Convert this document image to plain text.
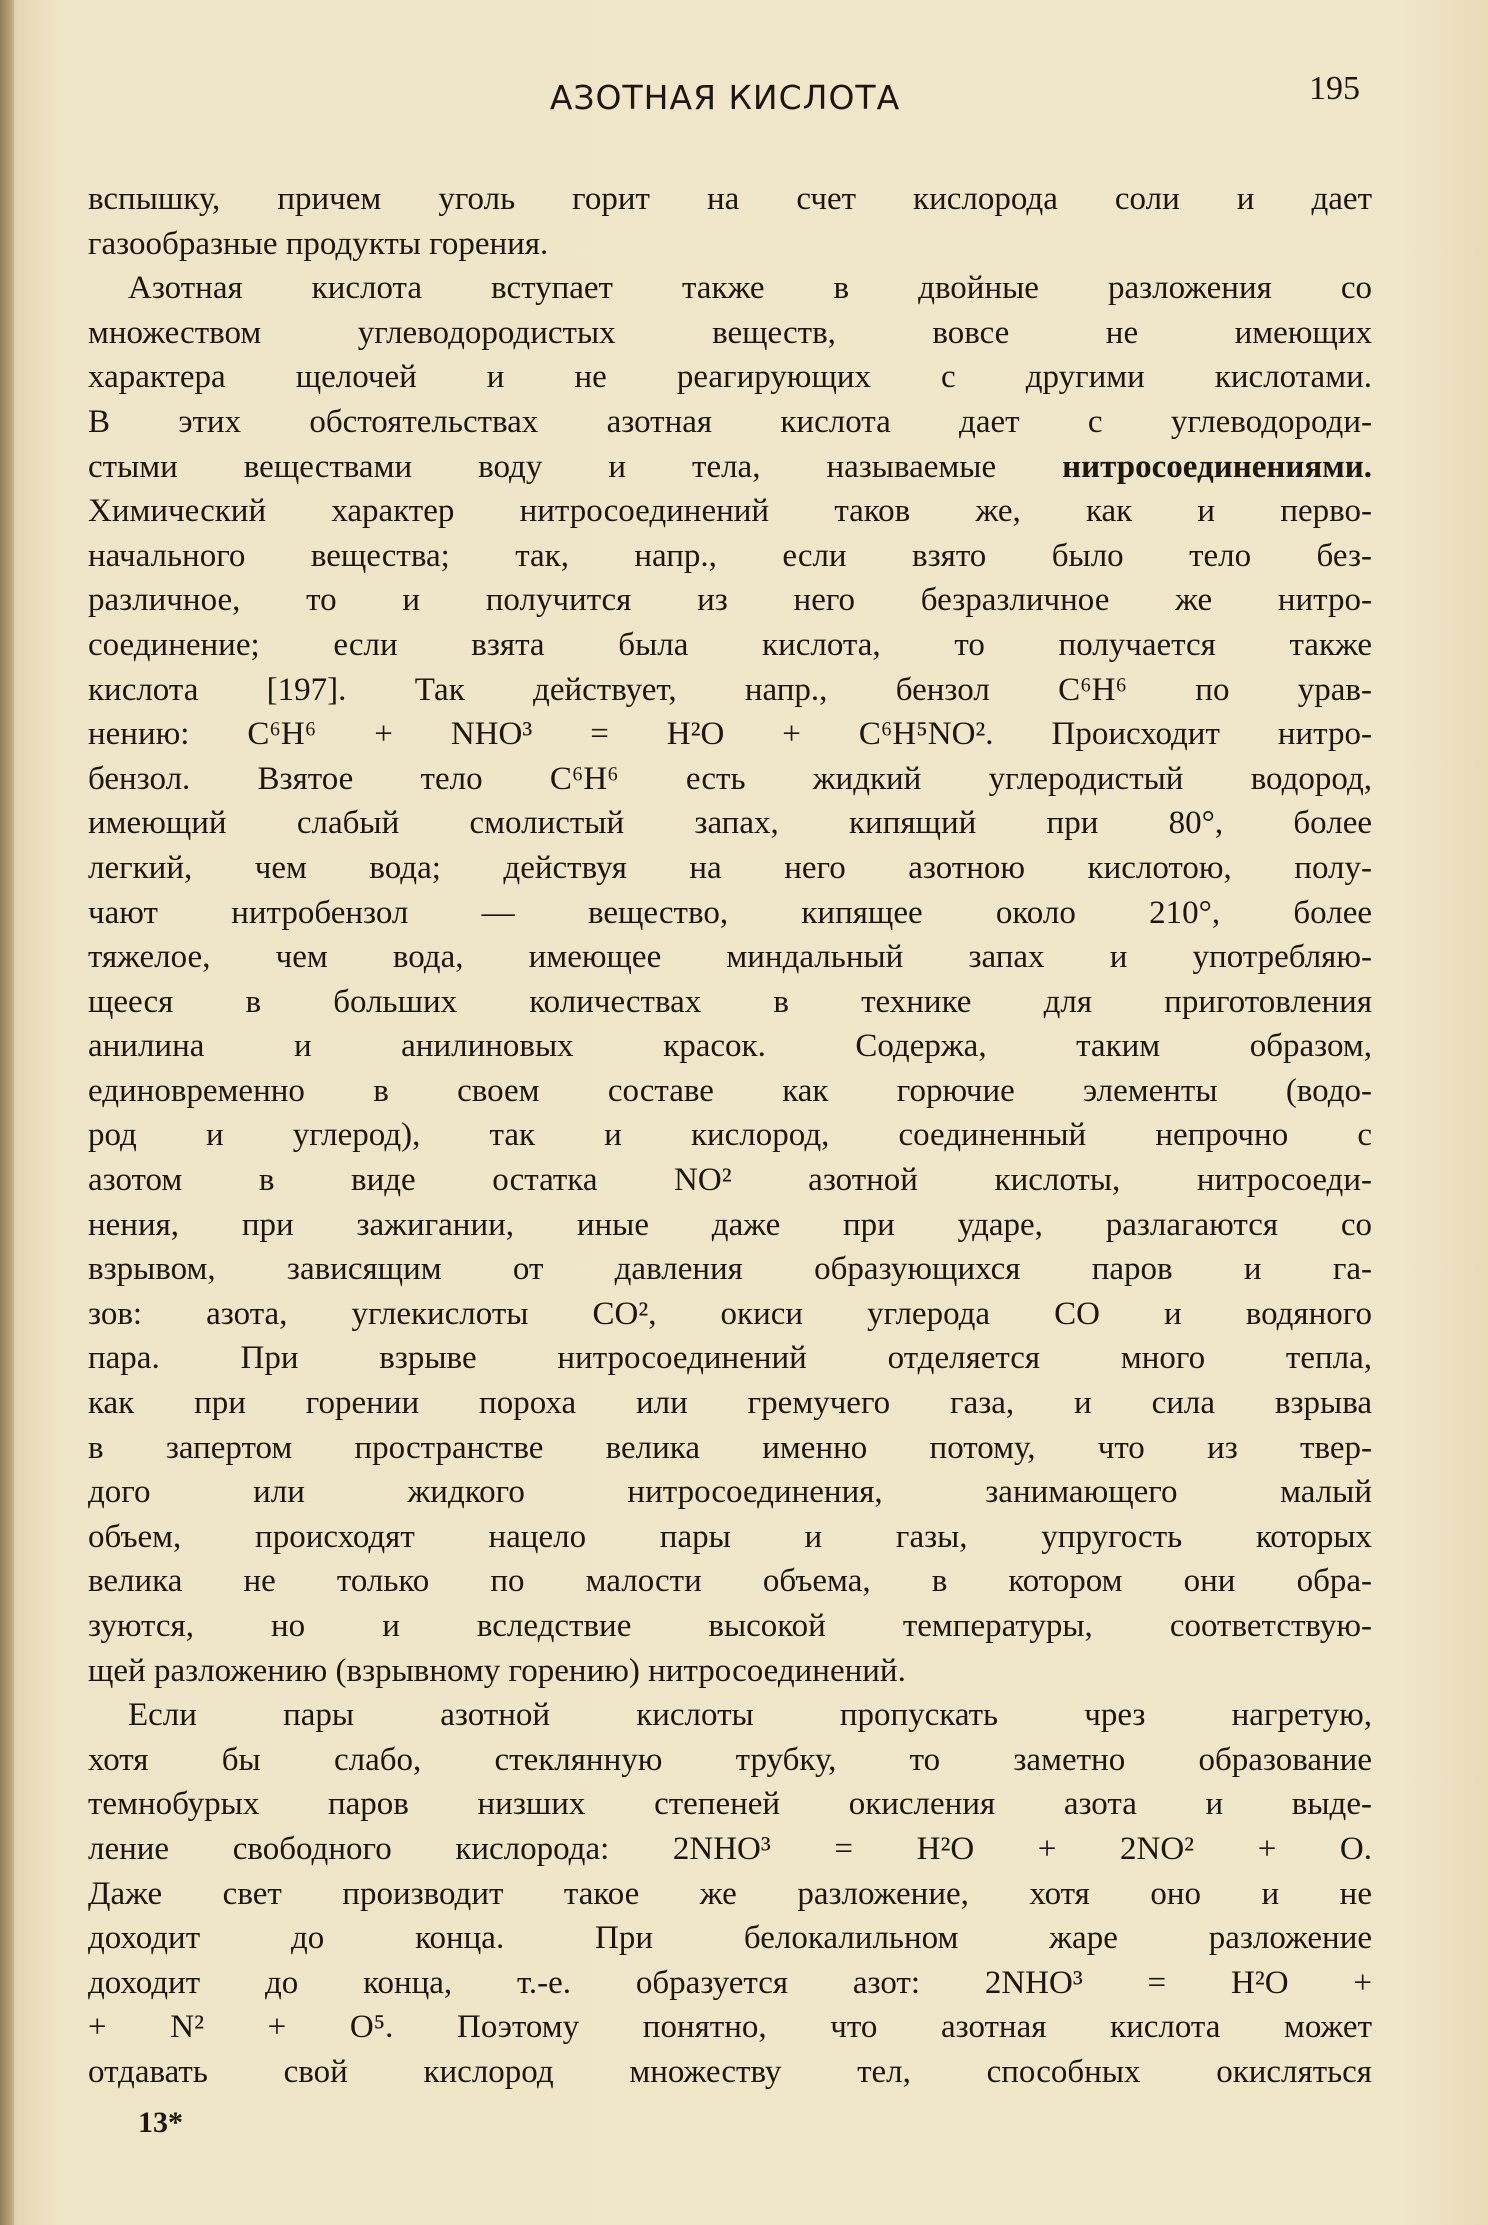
АЗОТНАЯ КИСЛОТА	195
вспышку, причем уголь горит на счет кислорода соли и дает
газообразные продукты горения.
Азотная кислота вступает также в двойные разложения со
множеством углеводородистых веществ, вовсе не имеющих
характера щелочей и не реагирующих с другими кислотами.
В этих обстоятельствах азотная кислота дает с углеводороди-
стыми веществами воду и тела, называемые нитросоединениями.
Химический характер нитросоединений таков же, как и перво-
начального вещества; так, напр., если взято было тело без-
различное, то и получится из него безразличное же нитро-
соединение; если взята была кислота, то получается также
кислота [197]. Так действует, напр., бензол C⁶H⁶ по урав-
нению: C⁶H⁶ + NHO³ = H²O + C⁶H⁵NO². Происходит нитро-
бензол. Взятое тело C⁶H⁶ есть жидкий углеродистый водород,
имеющий слабый смолистый запах, кипящий при 80°, более
легкий, чем вода; действуя на него азотною кислотою, полу-
чают нитробензол — вещество, кипящее около 210°, более
тяжелое, чем вода, имеющее миндальный запах и употребляю-
щееся в больших количествах в технике для приготовления
анилина и анилиновых красок. Содержа, таким образом,
единовременно в своем составе как горючие элементы (водо-
род и углерод), так и кислород, соединенный непрочно с
азотом в виде остатка NO² азотной кислоты, нитросоеди-
нения, при зажигании, иные даже при ударе, разлагаются со
взрывом, зависящим от давления образующихся паров и га-
зов: азота, углекислоты CO², окиси углерода CO и водяного
пара. При взрыве нитросоединений отделяется много тепла,
как при горении пороха или гремучего газа, и сила взрыва
в запертом пространстве велика именно потому, что из твер-
дого или жидкого нитросоединения, занимающего малый
объем, происходят нацело пары и газы, упругость которых
велика не только по малости объема, в котором они обра-
зуются, но и вследствие высокой температуры, соответствую-
щей разложению (взрывному горению) нитросоединений.
Если пары азотной кислоты пропускать чрез нагретую,
хотя бы слабо, стеклянную трубку, то заметно образование
темнобурых паров низших степеней окисления азота и выде-
ление свободного кислорода: 2NHO³ = H²O + 2NO² + O.
Даже свет производит такое же разложение, хотя оно и не
доходит до конца. При белокалильном жаре разложение
доходит до конца, т.-е. образуется азот: 2NHO³ = H²O +
+ N² + O⁵. Поэтому понятно, что азотная кислота может
отдавать свой кислород множеству тел, способных окисляться
13*
